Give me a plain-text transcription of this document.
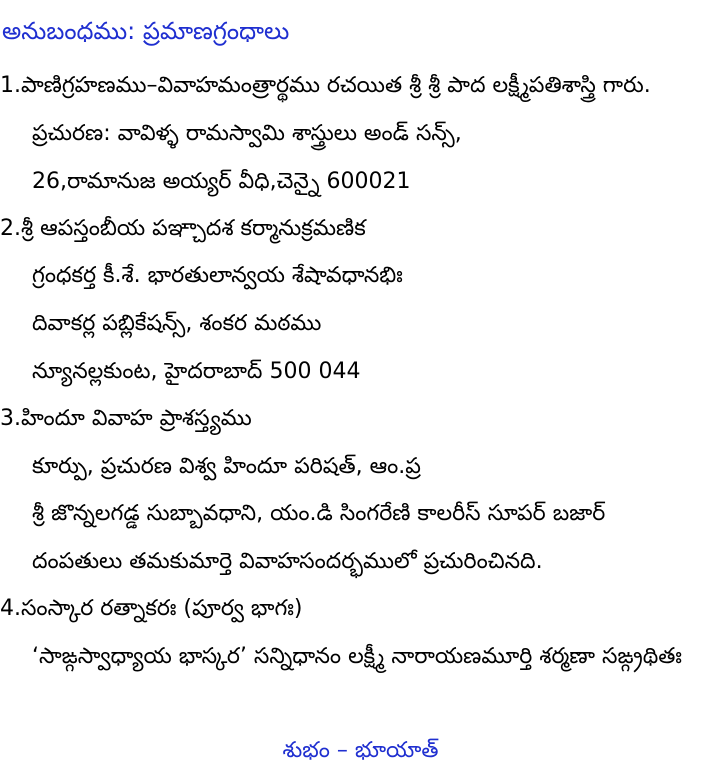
అనుబంధము: ప్రమాణగ్రంధాలు
1.పాణిగ్రహణము–వివాహమంత్రార్థము రచయిత శ్రీ శ్రీ పాద లక్ష్మీపతిశాస్త్రి గారు.
ప్రచురణ: వావిళ్ళ రామస్వామి శాస్త్రులు అండ్ సన్స్,
26,రామానుజ అయ్యర్ వీధి,చెన్నై 600021
2.శ్రీ ఆపస్తంబీయ పఞ్చాదశ కర్మానుక్రమణిక
గ్రంధకర్త కీ.శే. భారతులాన్వయ శేషావధానభిః
దివాకర్ల పబ్లికేషన్స్, శంకర మఠము
న్యూనల్లకుంట, హైదరాబాద్ 500 044
3.హిందూ వివాహ ప్రాశస్త్యము
కూర్పు, ప్రచురణ విశ్వ హిందూ పరిషత్, ఆం.ప్ర
శ్రీ జొన్నలగడ్డ సుబ్బావధాని, యం.డి సింగరేణి కాలరీస్ సూపర్ బజార్
దంపతులు తమకుమార్తె వివాహసందర్భములో ప్రచురించినది.
4.సంస్కార రత్నాకరః (పూర్వ భాగః)
‘సాఙ్గస్వాధ్యాయ భాస్కర’ సన్నిధానం లక్ష్మీ నారాయణమూర్తి శర్మణా సఙ్గ్రథితః
శుభం – భూయాత్
